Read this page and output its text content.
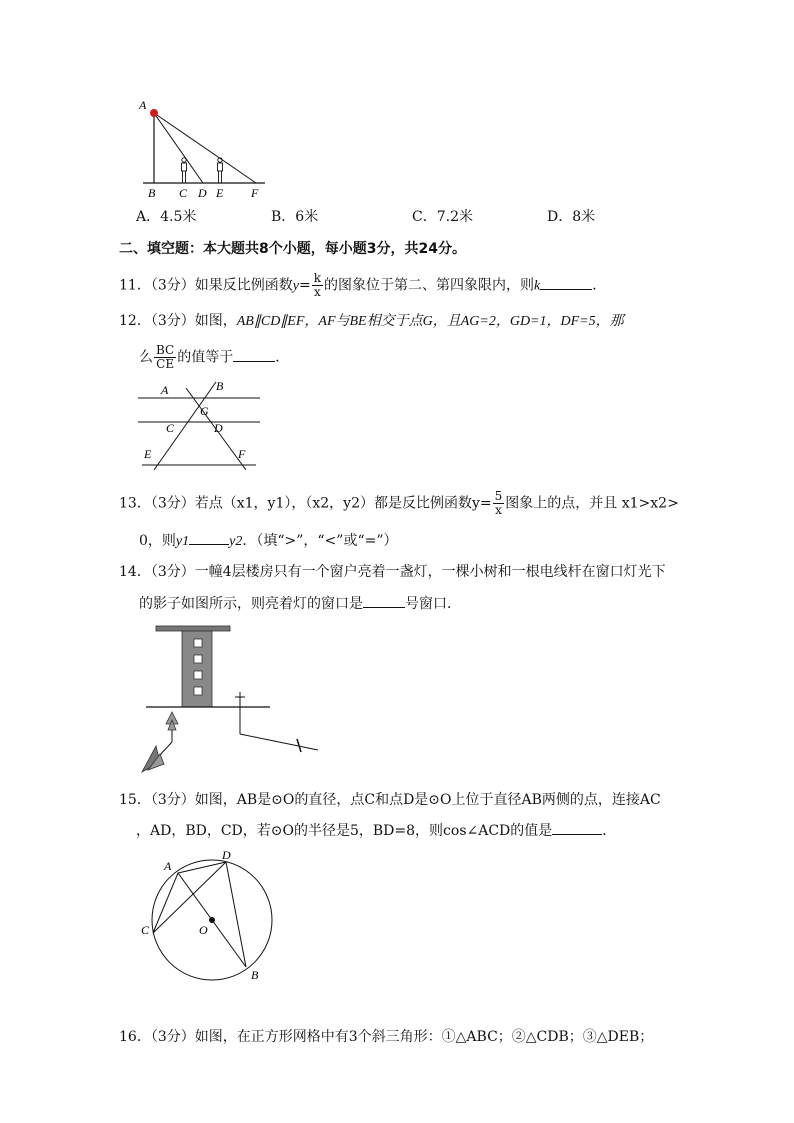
A
B C D E F
A．4.5米	B．6米	C．7.2米	D．8米
二、填空题：本大题共8个小题，每小题3分，共24分。
11．（3分）如果反比例函数$y= \frac{k}{x}$ 的图象位于第二、第四象限内，则k	．
12．（3分）如图，AB∥CD∥EF，AF与BE相交于点G，且AG=2，GD=1，DF=5，那
么 $\frac{BC}{CE}$ 的值等于	．
A	B
G
C	D
E	F
13．（3分）若点（x1，y1），（x2，y2）都是反比例函数$y= \frac{5}{x}$ 图象上的点，并且 x1>x2>
0，则y1	y2．（填“>”，“<”或“=”）
14．（3分）一幢4层楼房只有一个窗户亮着一盏灯，一棵小树和一根电线杆在窗口灯光下
的影子如图所示，则亮着灯的窗口是	号窗口．
15．（3分）如图，AB是⊙O的直径，点C和点D是⊙O上位于直径AB两侧的点，连接AC
，AD，BD，CD，若⊙O的半径是5，BD=8，则cos∠ACD的值是	．
A
D
C	O
B
16．（3分）如图，在正方形网格中有3个斜三角形：①△ABC；②△CDB；③△DEB；
